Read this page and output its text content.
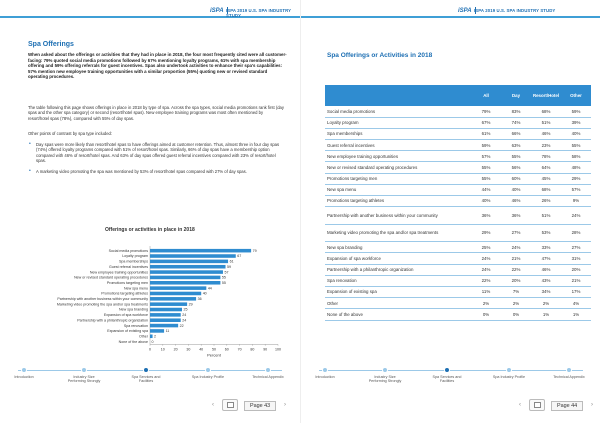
iSPA ISPA 2019 U.S. SPA INDUSTRY STUDY
Spa Offerings
When asked about the offerings or activities that they had in place in 2018, the four most frequently cited were all customer-facing: 79% quoted social media promotions followed by 67% mentioning loyalty programs, 61% with spa membership offering and 59% offering referrals for guest incentives. Spas also undertook activities to enhance their spa's capabilities: 57% mention new employee training opportunities with a similar proportion (55%) quoting new or revised standard operating procedures.
The table following this page shows offerings in place in 2018 by type of spa. Across the spa types, social media promotions rank first (day spas and the other spa category) or second (resort/hotel spas). New employee training programs was most often mentioned by resort/hotel spas (78%), compared with 55% of day spas.
Other points of contrast by spa type included:
• Day spas were more likely than resort/hotel spas to have offerings aimed at customer retention. Thus, almost three in four day spas (74%) offered loyalty programs compared with 51% of resort/hotel spas. Similarly, 66% of day spas have a membership option compared with 46% of resort/hotel spas. And 63% of day spas offered guest referral incentives compared with 23% of resort/hotel spas.
• A marketing video promoting the spa was mentioned by 53% of resort/hotel spas compared with 27% of day spas.
Offerings or activities in place in 2018
Social media promotions	79
Loyalty program	67
Spa memberships	61
Guest referral incentives	59
New employee training opportunities	57
New or revised standard operating procedures	55
Promotions targeting men	55
New spa menu	44
Promotions targeting athletes	40
Partnership with another business within your community	36
Marketing video promoting the spa and/or spa treatments	29
New spa branding	25
Expansion of spa workforce	24
Partnership with a philanthropic organization	24
Spa renovation	22
Expansion of existing spa	11
Other 2
None of the above 0
0	10 20 30 40 50 60 70 80 90 100
Percent
Introduction	Industry Size Performing Strongly
Spa Services and Facilities
Spa Industry Profile	Technical Appendix
‹	Page 43	›
iSPA ISPA 2019 U.S. SPA INDUSTRY STUDY
Spa Offerings or Activities in 2018
	All	Day	Resort/Hotel	Other
Social media promotions	79%	83%	68%	59%
Loyalty program	67%	74%	51%	39%
Spa memberships	61%	66%	46%	40%
Guest referral incentives	59%	63%	23%	55%
New employee training opportunities	57%	55%	78%	58%
New or revised standard operating procedures	55%	56%	64%	48%
Promotions targeting men	55%	60%	45%	29%
New spa menu	44%	40%	68%	57%
Promotions targeting athletes	40%	46%	26%	9%
Partnership with another business within your community	36%	36%	51%	24%
Marketing video promoting the spa and/or spa treatments	29%	27%	53%	28%
New spa branding	25%	24%	33%	27%
Expansion of spa workforce	24%	21%	47%	31%
Partnership with a philanthropic organization	24%	22%	46%	20%
Spa renovation	22%	20%	43%	21%
Expansion of existing spa	11%	7%	34%	17%
Other	2%	2%	2%	4%
None of the above	0%	0%	1%	1%
Introduction	Industry Size Performing Strongly
Spa Services and Facilities
Spa Industry Profile	Technical Appendix
‹	Page 44	›
